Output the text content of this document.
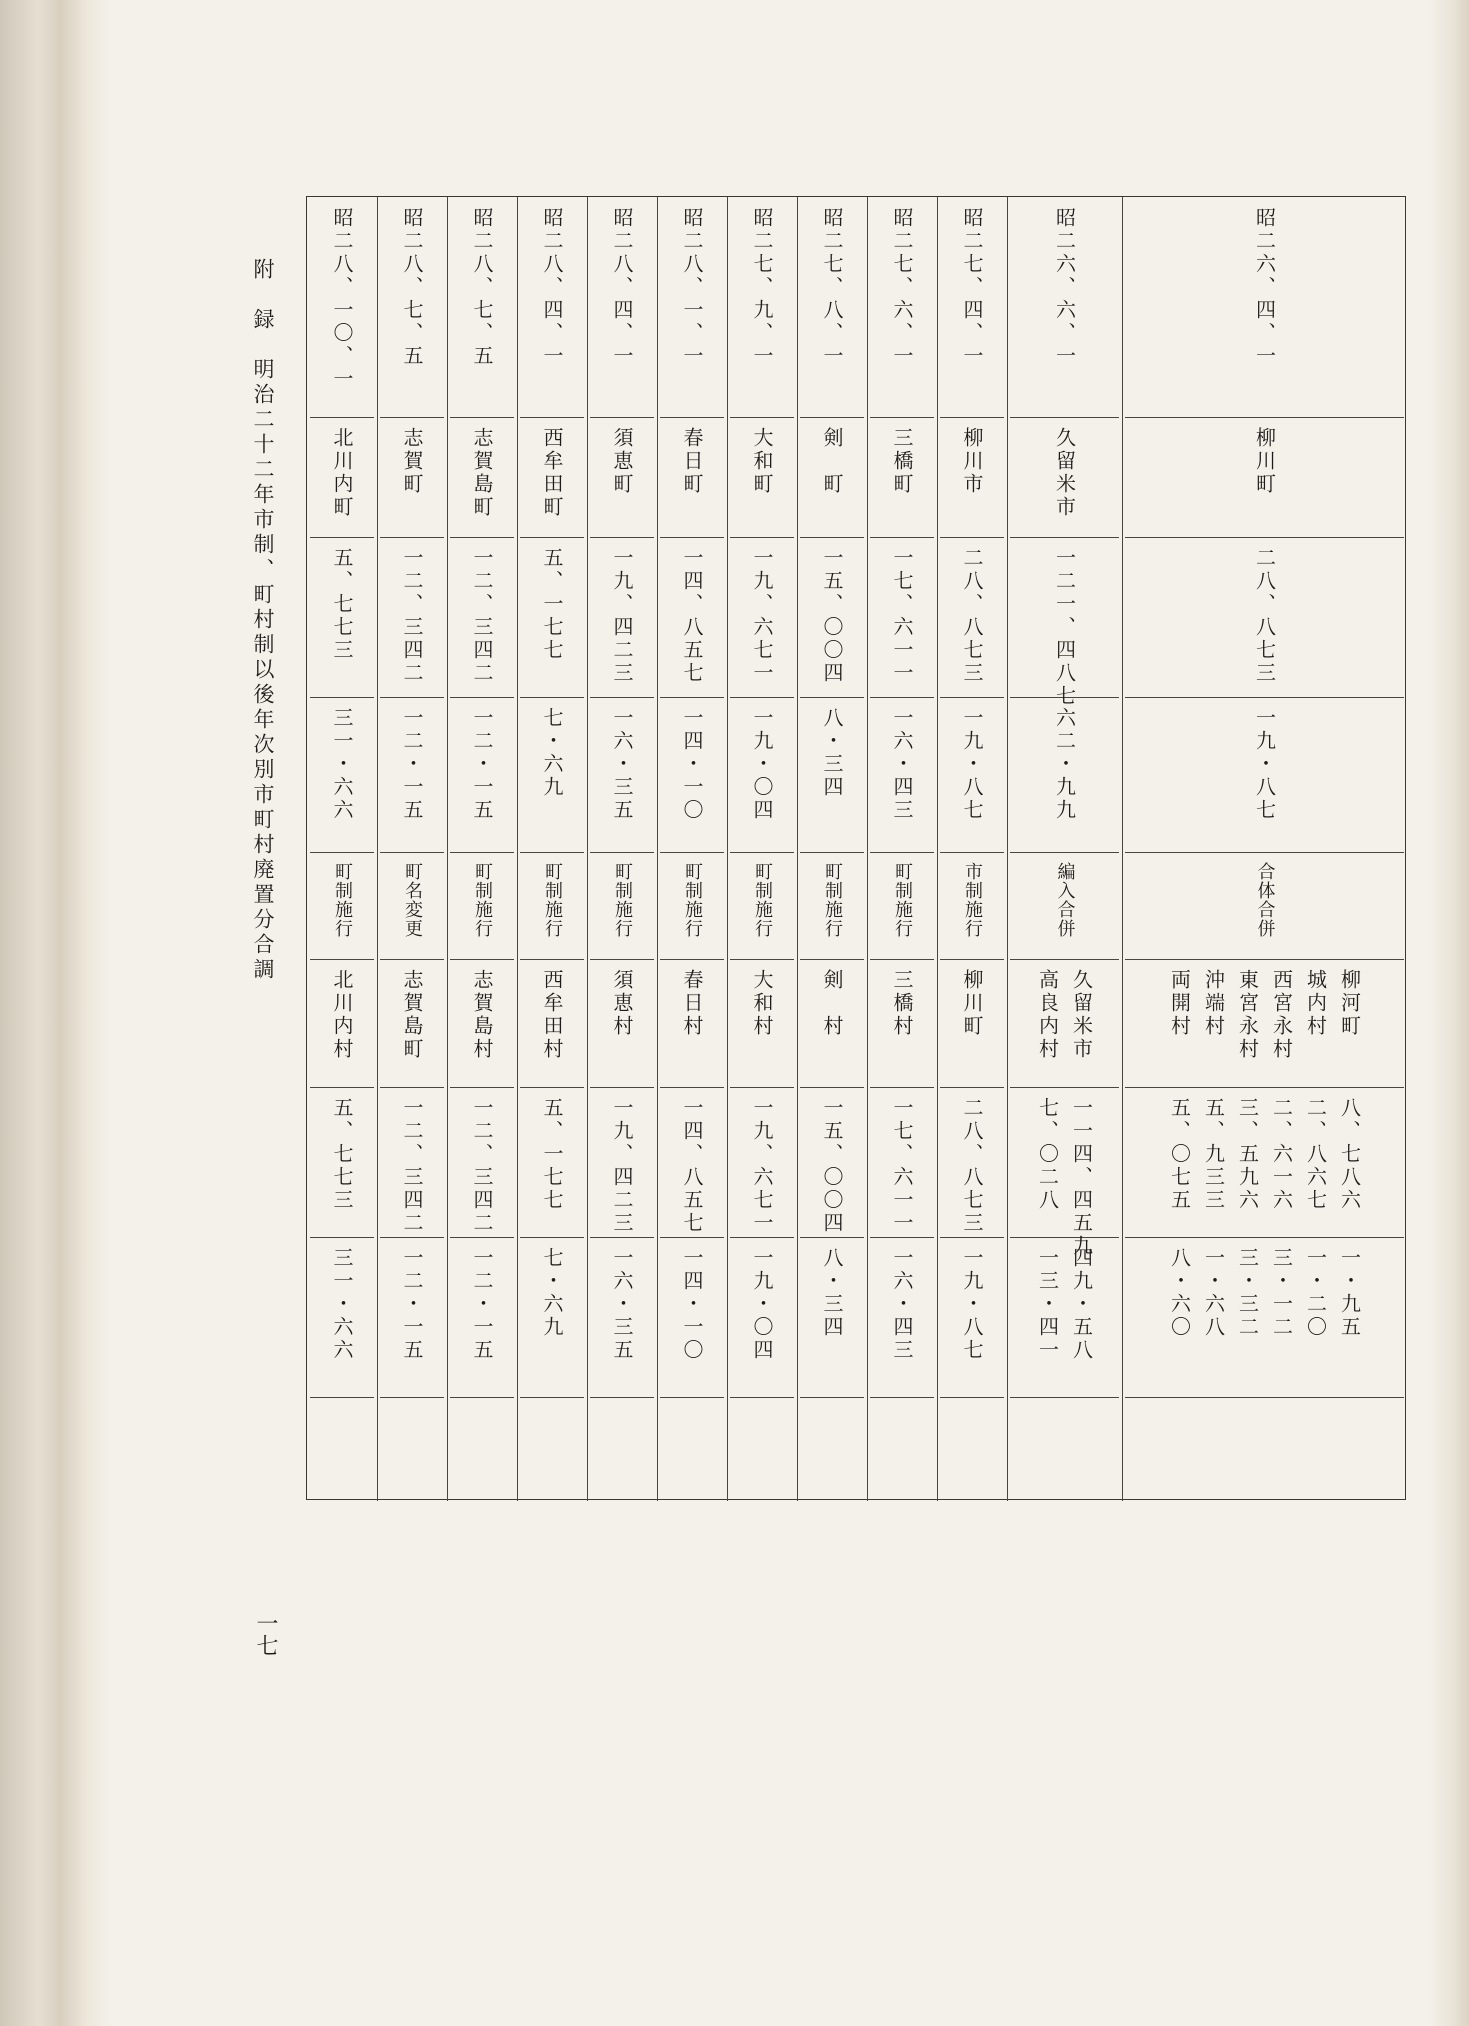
附　録　明治二十二年市制、町村制以後年次別市町村廃置分合調
一七
昭二六、四、一
柳川町
二八、八七三
一九・八七
合体合併
柳河町
城内村
西宮永村
東宮永村
沖端村
両開村
八、七八六
二、八六七
二、六一六
三、五九六
五、九三三
五、〇七五
一・九五
一・二〇
三・一二
三・三二
一・六八
八・六〇
昭二六、六、一
久留米市
一二一、四八七
六二・九九
編入合併
久留米市
高良内村
一一四、四五九
七、〇二八
四九・五八
一三・四一
昭二七、四、一
柳川市
二八、八七三
一九・八七
市制施行
柳川町
二八、八七三
一九・八七
昭二七、六、一
三橋町
一七、六一一
一六・四三
町制施行
三橋村
一七、六一一
一六・四三
昭二七、八、一
剣　町
一五、〇〇四
八・三四
町制施行
剣　村
一五、〇〇四
八・三四
昭二七、九、一
大和町
一九、六七一
一九・〇四
町制施行
大和村
一九、六七一
一九・〇四
昭二八、一、一
春日町
一四、八五七
一四・一〇
町制施行
春日村
一四、八五七
一四・一〇
昭二八、四、一
須恵町
一九、四二三
一六・三五
町制施行
須恵村
一九、四二三
一六・三五
昭二八、四、一
西牟田町
五、一七七
七・六九
町制施行
西牟田村
五、一七七
七・六九
昭二八、七、五
志賀島町
一二、三四二
一二・一五
町制施行
志賀島村
一二、三四二
一二・一五
昭二八、七、五
志賀町
一二、三四二
一二・一五
町名変更
志賀島町
一二、三四二
一二・一五
昭二八、一〇、一
北川内町
五、七七三
三一・六六
町制施行
北川内村
五、七七三
三一・六六
